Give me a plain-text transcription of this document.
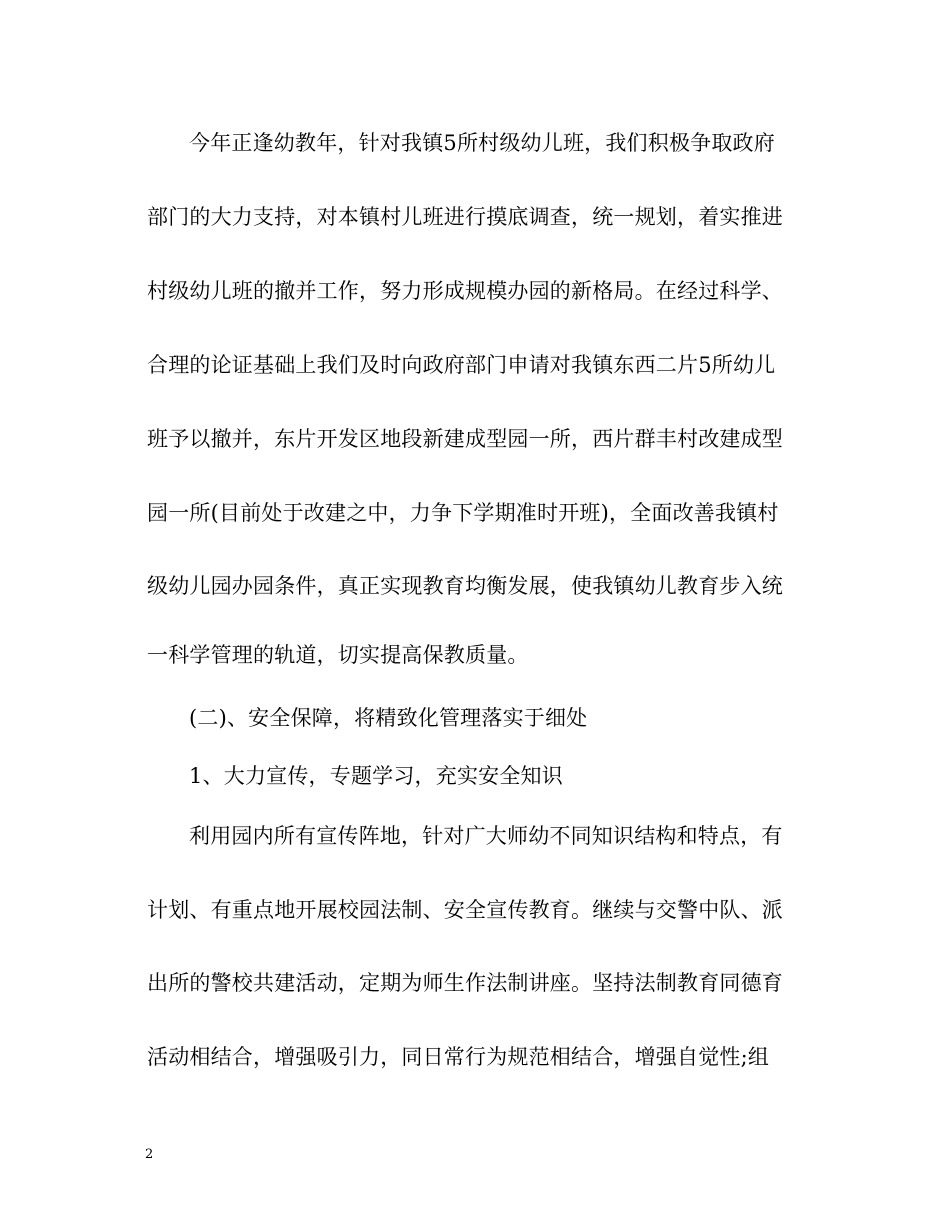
今年正逢幼教年，针对我镇5所村级幼儿班，我们积极争取政府
部门的大力支持，对本镇村儿班进行摸底调查，统一规划，着实推进
村级幼儿班的撤并工作，努力形成规模办园的新格局。在经过科学、
合理的论证基础上我们及时向政府部门申请对我镇东西二片5所幼儿
班予以撤并，东片开发区地段新建成型园一所，西片群丰村改建成型
园一所(目前处于改建之中，力争下学期准时开班)，全面改善我镇村
级幼儿园办园条件，真正实现教育均衡发展，使我镇幼儿教育步入统
一科学管理的轨道，切实提高保教质量。
(二)、安全保障，将精致化管理落实于细处
1、大力宣传，专题学习，充实安全知识
利用园内所有宣传阵地，针对广大师幼不同知识结构和特点，有
计划、有重点地开展校园法制、安全宣传教育。继续与交警中队、派
出所的警校共建活动，定期为师生作法制讲座。坚持法制教育同德育
活动相结合，增强吸引力，同日常行为规范相结合，增强自觉性;组
2
